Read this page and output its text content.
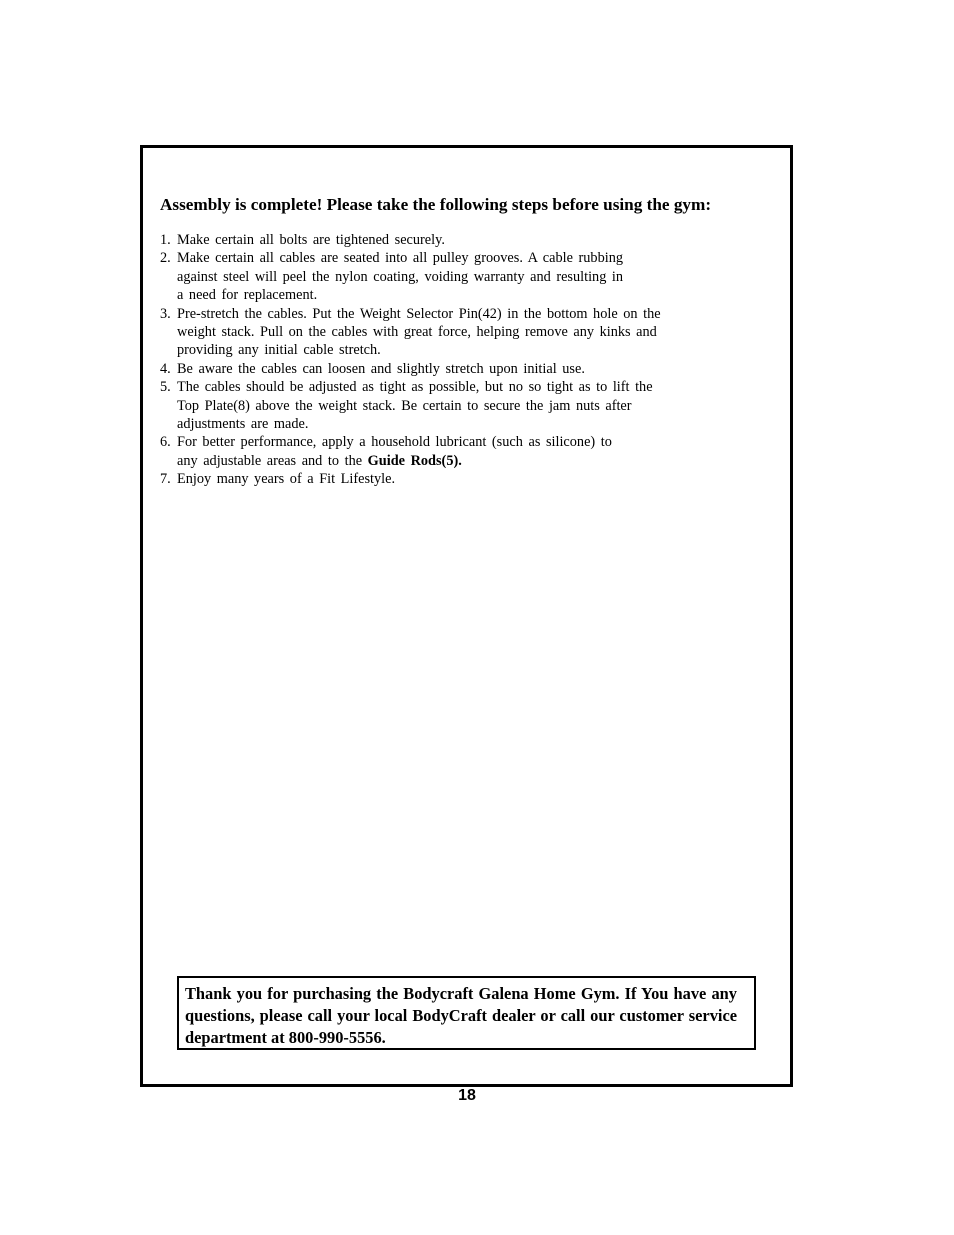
Assembly is complete! Please take the following steps before using the gym:
1. Make certain all bolts are tightened securely.
2. Make certain all cables are seated into all pulley grooves. A cable rubbing
against steel will peel the nylon coating, voiding warranty and resulting in
a need for replacement.
3. Pre-stretch the cables. Put the Weight Selector Pin(42) in the bottom hole on the
weight stack. Pull on the cables with great force, helping remove any kinks and
providing any initial cable stretch.
4. Be aware the cables can loosen and slightly stretch upon initial use.
5. The cables should be adjusted as tight as possible, but no so tight as to lift the
Top Plate(8) above the weight stack. Be certain to secure the jam nuts after
adjustments are made.
6. For better performance, apply a household lubricant (such as silicone) to
any adjustable areas and to the Guide Rods(5).
7. Enjoy many years of a Fit Lifestyle.

Thank you for purchasing the Bodycraft Galena Home Gym. If You have any questions, please call your local BodyCraft dealer or call our customer service department at 800-990-5556.

18
